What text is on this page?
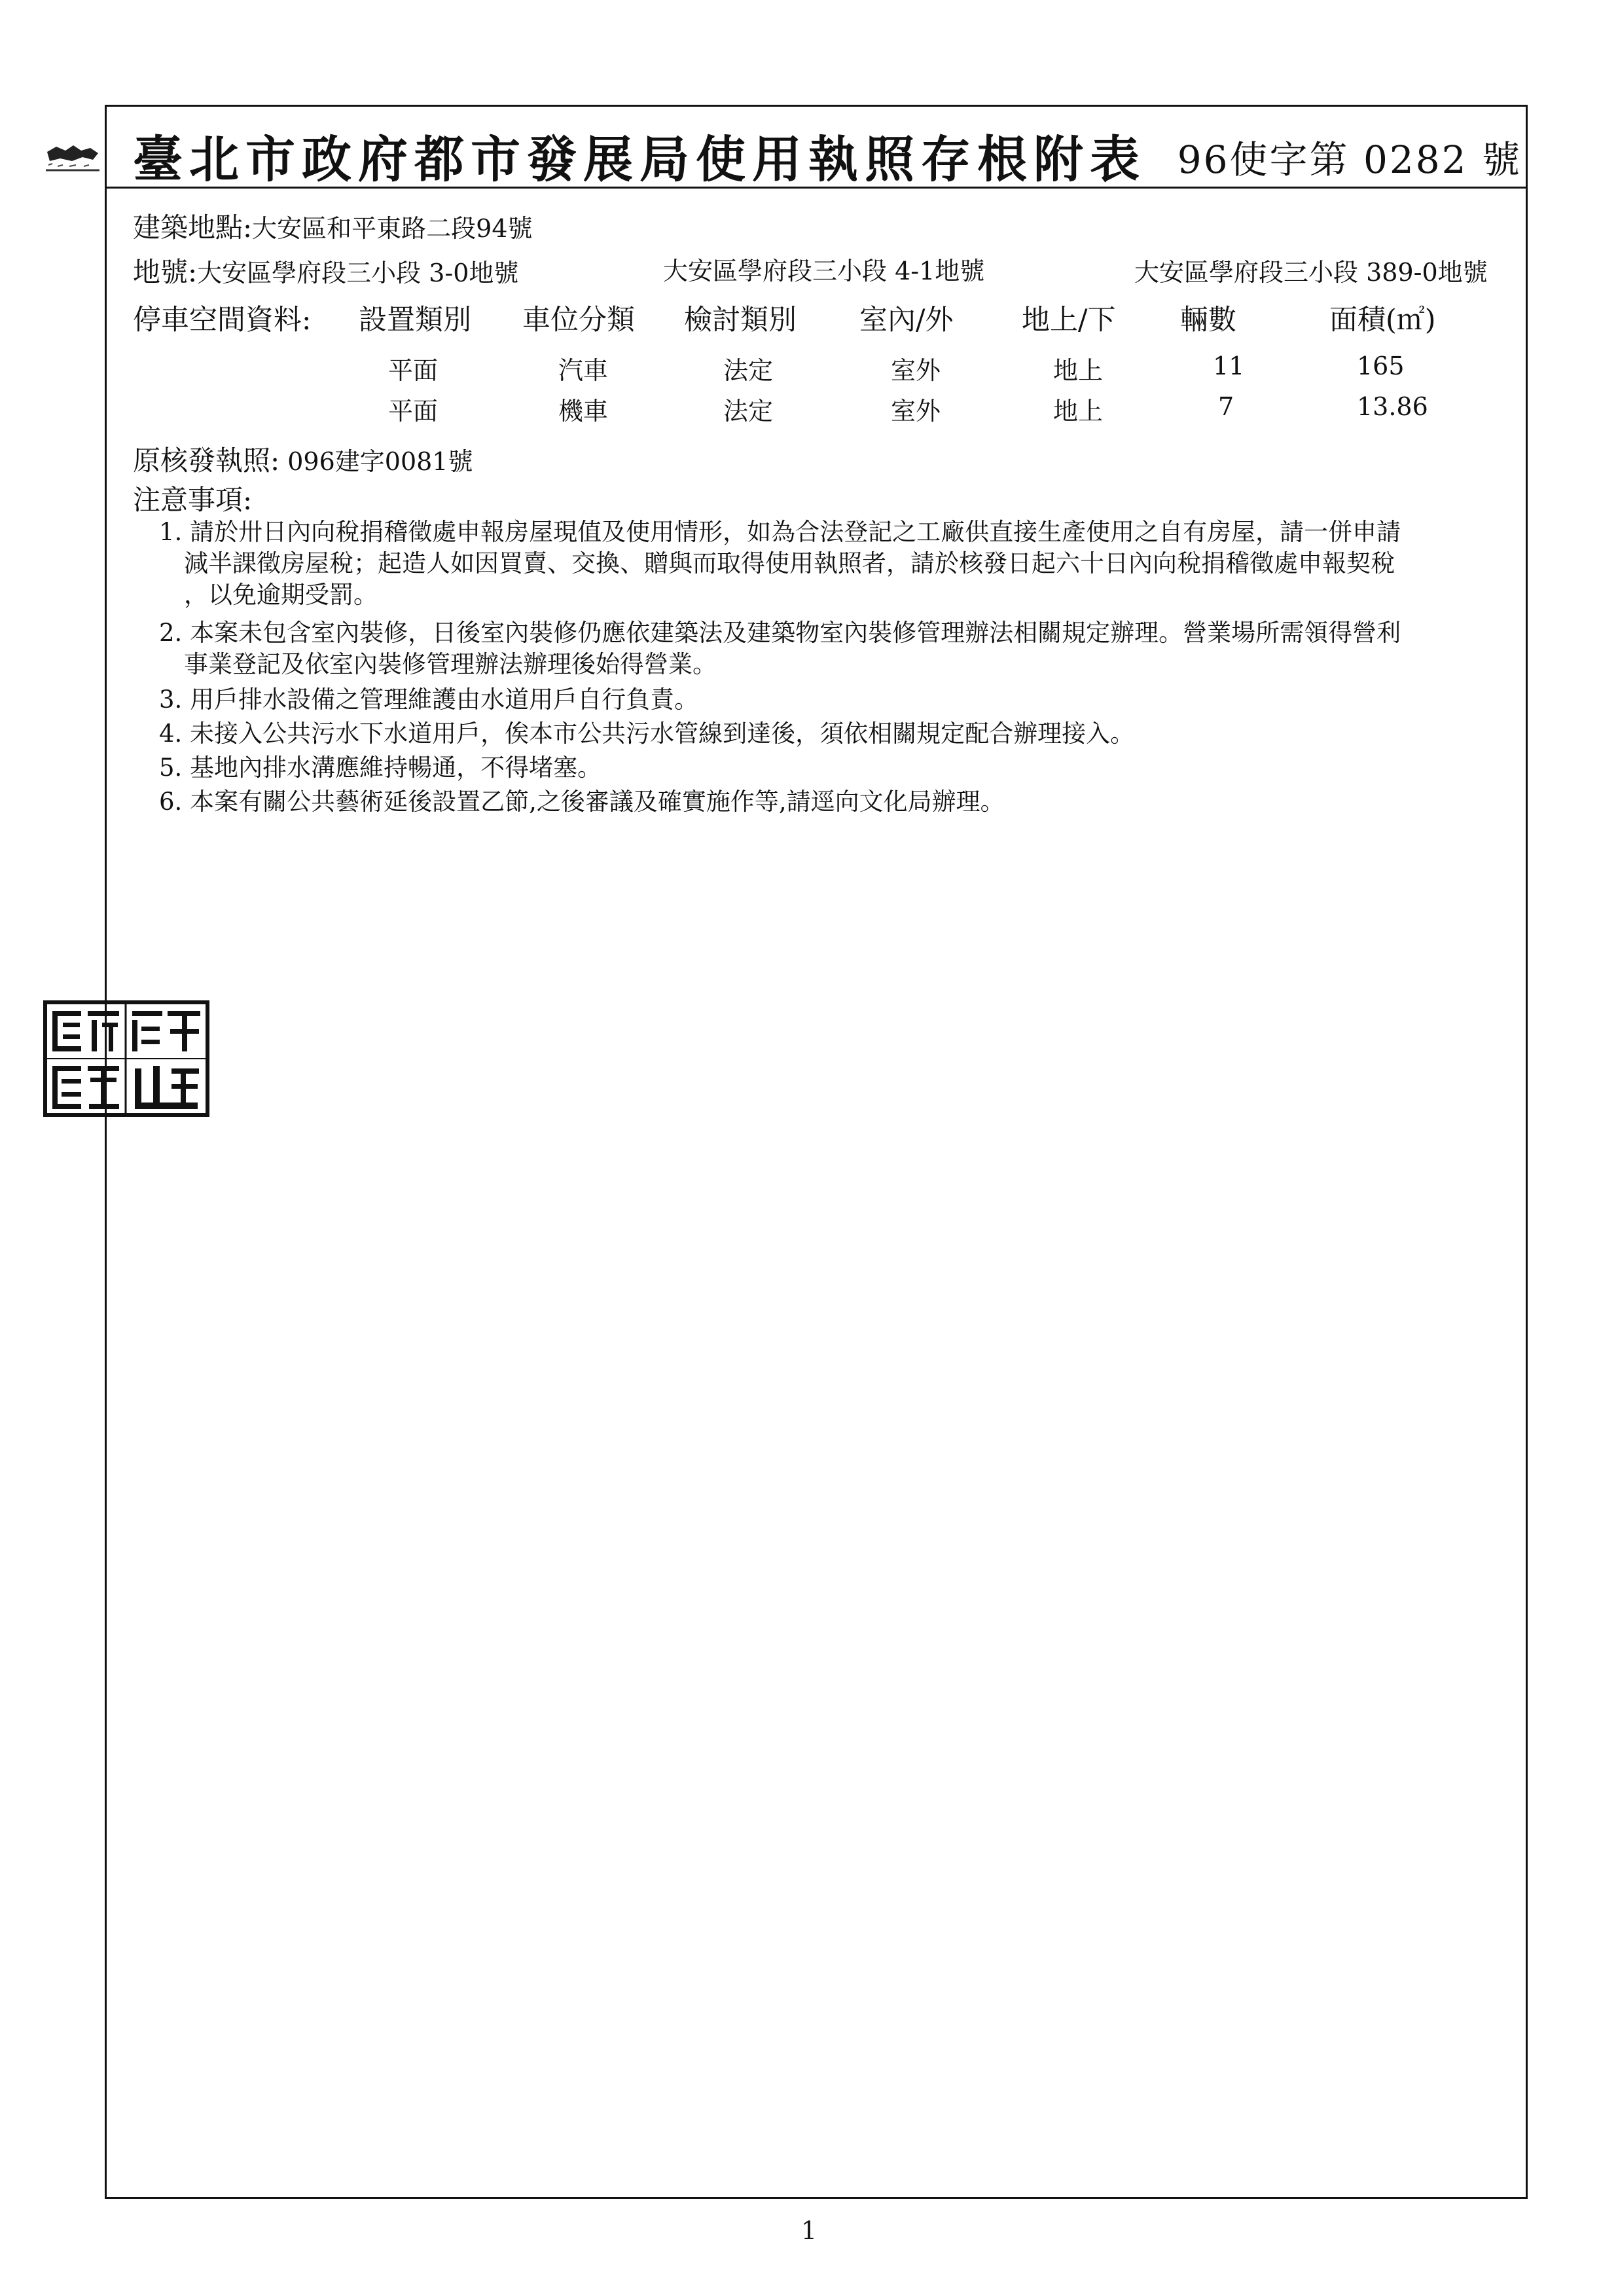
臺北市政府都市發展局使用執照存根附表 96使字第 0282 號
建築地點:大安區和平東路二段94號
地號:大安區學府段三小段 3-0地號	大安區學府段三小段 4-1地號	大安區學府段三小段 389-0地號
停車空間資料: 設置類別 車位分類 檢討類別 室內/外 地上/下 輛數	面積(㎡)
平面	汽車	法定	室外	地上	11	165
平面	機車	法定	室外	地上	7	13.86
原核發執照: 096建字0081號
注意事項:
1. 請於卅日內向稅捐稽徵處申報房屋現值及使用情形，如為合法登記之工廠供直接生產使用之自有房屋，請一併申請
減半課徵房屋稅；起造人如因買賣、交換、贈與而取得使用執照者，請於核發日起六十日內向稅捐稽徵處申報契稅
，以免逾期受罰。
2. 本案未包含室內裝修，日後室內裝修仍應依建築法及建築物室內裝修管理辦法相關規定辦理。營業場所需領得營利
事業登記及依室內裝修管理辦法辦理後始得營業。
3. 用戶排水設備之管理維護由水道用戶自行負責。
4. 未接入公共污水下水道用戶，俟本市公共污水管線到達後，須依相關規定配合辦理接入。
5. 基地內排水溝應維持暢通，不得堵塞。
6. 本案有關公共藝術延後設置乙節,之後審議及確實施作等,請逕向文化局辦理。
1
